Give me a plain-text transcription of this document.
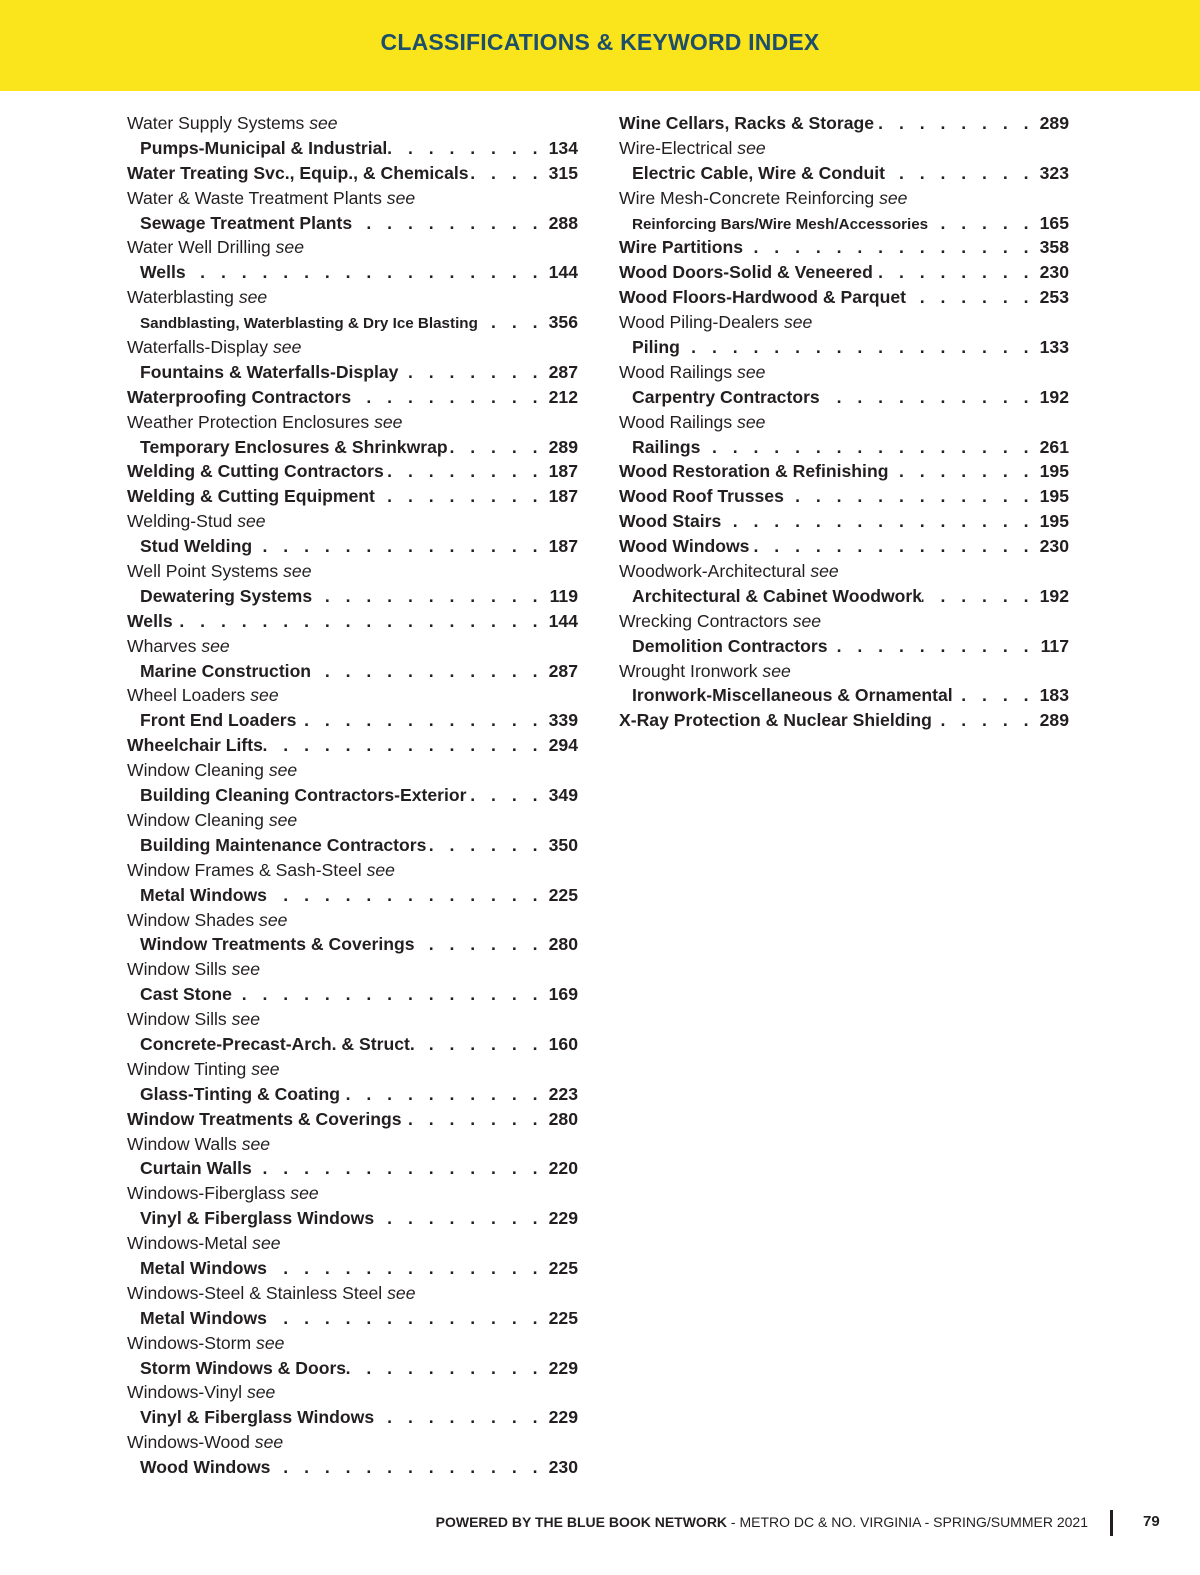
CLASSIFICATIONS & KEYWORD INDEX
Water Supply Systems
see
Pumps-Municipal & Industrial . . .	134
Water Treating Svc., Equip., & Chemicals . . .	315
Water & Waste Treatment Plants
see
Sewage Treatment Plants . . .	288
Water Well Drilling
see
Wells . . .	144
Waterblasting
see
Sandblasting, Waterblasting & Dry Ice Blasting . . .	356
Waterfalls-Display
see
Fountains & Waterfalls-Display . . .	287
Waterproofing Contractors . . .	212
Weather Protection Enclosures
see
Temporary Enclosures & Shrinkwrap . . .	289
Welding & Cutting Contractors . . .	187
Welding & Cutting Equipment . . .	187
Welding-Stud
see
Stud Welding . . .	187
Well Point Systems
see
Dewatering Systems . . .	119
Wells . . .	144
Wharves
see
Marine Construction . . .	287
Wheel Loaders
see
Front End Loaders . . .	339
Wheelchair Lifts . . .	294
Window Cleaning
see
Building Cleaning Contractors-Exterior . . .	349
Window Cleaning
see
Building Maintenance Contractors . . .	350
Window Frames & Sash-Steel
see
Metal Windows . . .	225
Window Shades
see
Window Treatments & Coverings . . .	280
Window Sills
see
Cast Stone . . .	169
Window Sills
see
Concrete-Precast-Arch. & Struct. . . .	160
Window Tinting
see
Glass-Tinting & Coating . . .	223
Window Treatments & Coverings . . .	280
Window Walls
see
Curtain Walls . . .	220
Windows-Fiberglass
see
Vinyl & Fiberglass Windows . . .	229
Windows-Metal
see
Metal Windows . . .	225
Windows-Steel & Stainless Steel
see
Metal Windows . . .	225
Windows-Storm
see
Storm Windows & Doors . . .	229
Windows-Vinyl
see
Vinyl & Fiberglass Windows . . .	229
Windows-Wood
see
Wood Windows . . .	230
Wine Cellars, Racks & Storage . . .	289
Wire-Electrical
see
Electric Cable, Wire & Conduit . . .	323
Wire Mesh-Concrete Reinforcing
see
Reinforcing Bars/Wire Mesh/Accessories . . .	165
Wire Partitions . . .	358
Wood Doors-Solid & Veneered . . .	230
Wood Floors-Hardwood & Parquet . . .	253
Wood Piling-Dealers
see
Piling . . .	133
Wood Railings
see
Carpentry Contractors . . .	192
Wood Railings
see
Railings . . .	261
Wood Restoration & Refinishing . . .	195
Wood Roof Trusses . . .	195
Wood Stairs . . .	195
Wood Windows . . .	230
Woodwork-Architectural
see
Architectural & Cabinet Woodwork . . .	192
Wrecking Contractors
see
Demolition Contractors . . .	117
Wrought Ironwork
see
Ironwork-Miscellaneous & Ornamental . . .	183
X-Ray Protection & Nuclear Shielding . . .	289
POWERED BY THE BLUE BOOK NETWORK - METRO DC & NO. VIRGINIA - SPRING/SUMMER 2021	79
